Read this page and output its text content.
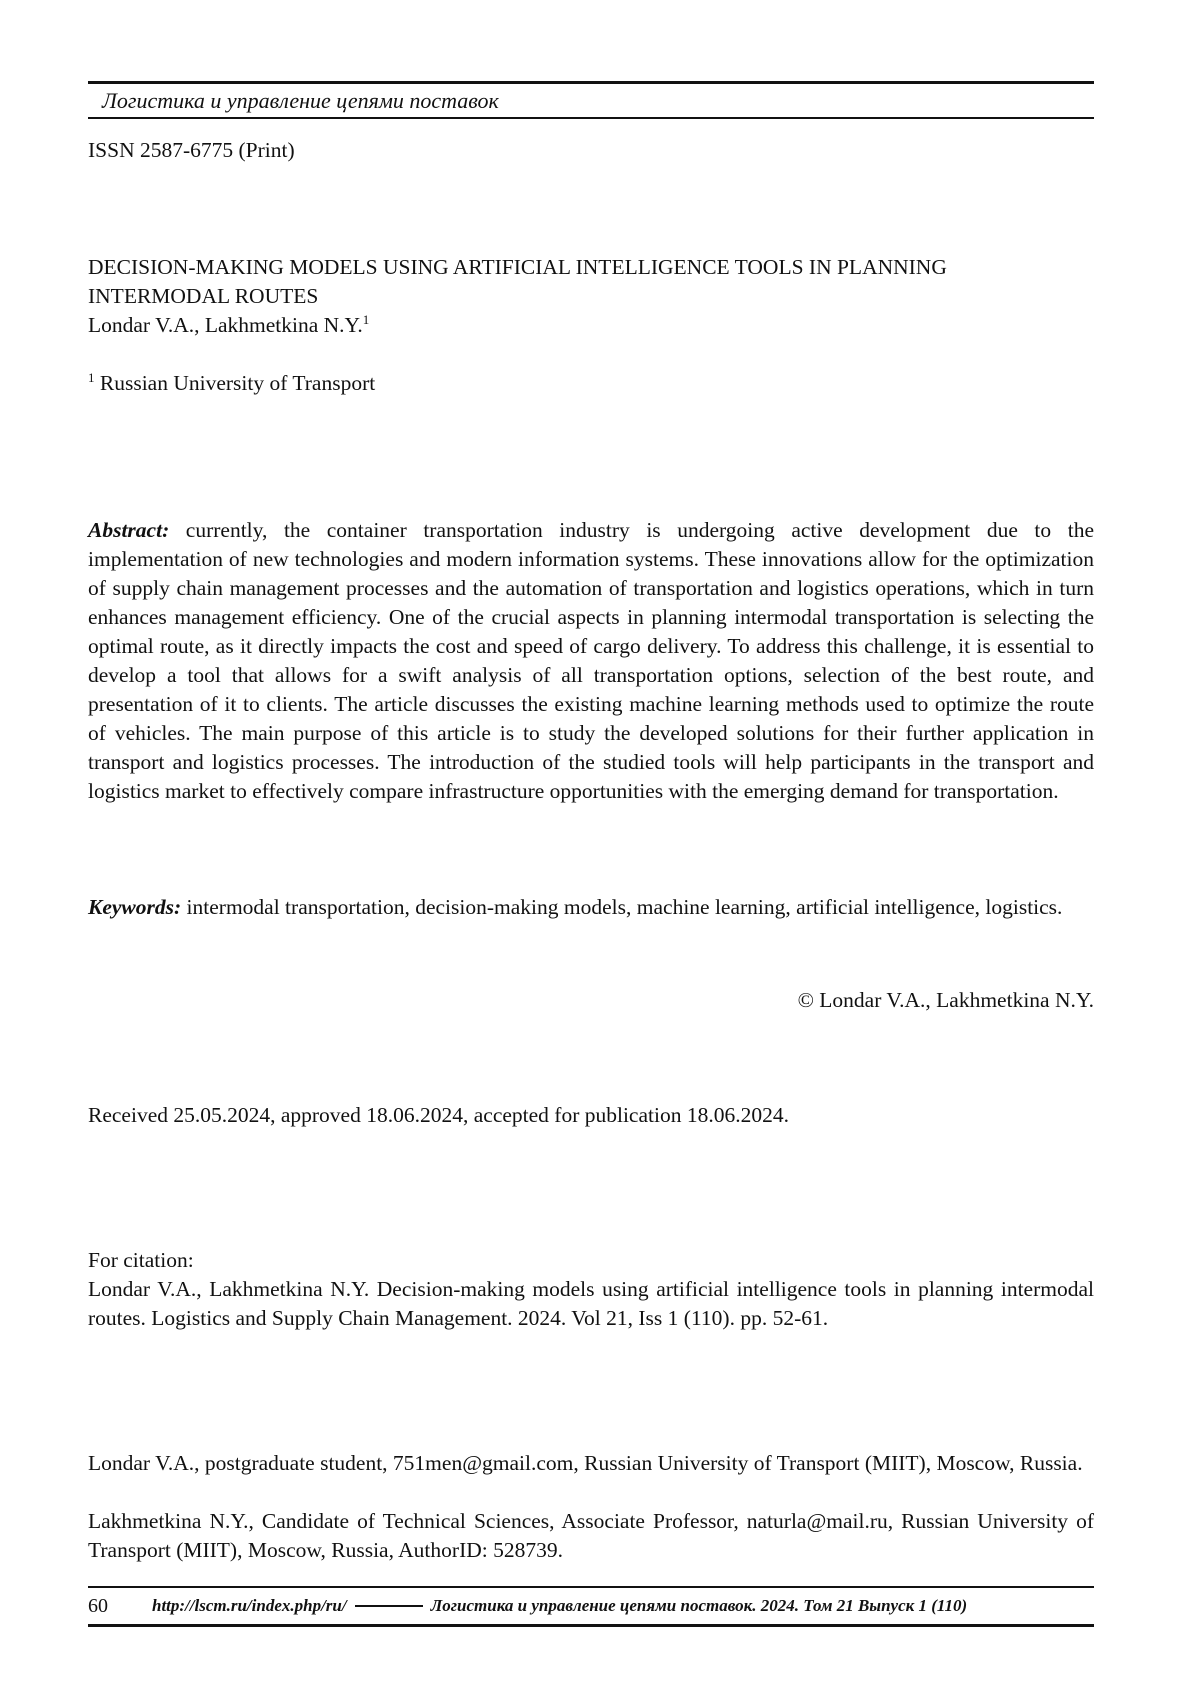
Логистика и управление цепями поставок
ISSN 2587-6775 (Print)
DECISION-MAKING MODELS USING ARTIFICIAL INTELLIGENCE TOOLS IN PLANNING
INTERMODAL ROUTES
Londar V.A., Lakhmetkina N.Y.$^1$
$^1$ Russian University of Transport
Abstract: currently, the container transportation industry is undergoing active development due to the implementation of new technologies and modern information systems. These innovations allow for the optimization of supply chain management processes and the automation of transportation and logistics operations, which in turn enhances management efficiency. One of the crucial aspects in planning intermodal transportation is selecting the optimal route, as it directly impacts the cost and speed of cargo delivery. To address this challenge, it is essential to develop a tool that allows for a swift analysis of all transportation options, selection of the best route, and presentation of it to clients. The article discusses the existing machine learning methods used to optimize the route of vehicles. The main purpose of this article is to study the developed solutions for their further application in transport and logistics processes. The introduction of the studied tools will help participants in the transport and logistics market to effectively compare infrastructure opportunities with the emerging demand for transportation.
Keywords: intermodal transportation, decision-making models, machine learning, artificial intelligence, logistics.
© Londar V.A., Lakhmetkina N.Y.
Received 25.05.2024, approved 18.06.2024, accepted for publication 18.06.2024.
For citation:
Londar V.A., Lakhmetkina N.Y. Decision-making models using artificial intelligence tools in planning intermodal routes. Logistics and Supply Chain Management. 2024. Vol 21, Iss 1 (110). pp. 52-61.
Londar V.A., postgraduate student, 751men@gmail.com, Russian University of Transport (MIIT), Moscow, Russia.
Lakhmetkina N.Y., Candidate of Technical Sciences, Associate Professor, naturla@mail.ru, Russian University of Transport (MIIT), Moscow, Russia, AuthorID: 528739.
60	http://lscm.ru/index.php/ru/	Логистика и управление цепями поставок. 2024. Том 21 Выпуск 1 (110)
